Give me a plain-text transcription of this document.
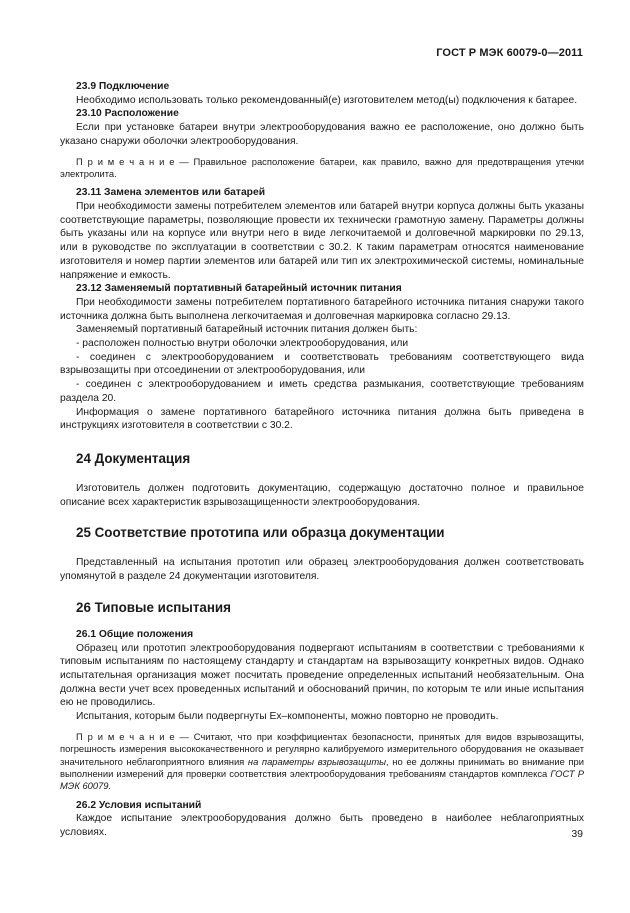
ГОСТ Р МЭК 60079-0—2011

23.9 Подключение

Необходимо использовать только рекомендованный(е) изготовителем метод(ы) подключения к батарее.

23.10 Расположение

Если при установке батареи внутри электрооборудования важно ее расположение, оно должно быть указано снаружи оболочки электрооборудования.

П р и м е ч а н и е — Правильное расположение батареи, как правило, важно для предотвращения утечки электролита.

23.11 Замена элементов или батарей

При необходимости замены потребителем элементов или батарей внутри корпуса должны быть указаны соответствующие параметры, позволяющие провести их технически грамотную замену. Параметры должны быть указаны или на корпусе или внутри него в виде легкочитаемой и долговечной маркировки по 29.13, или в руководстве по эксплуатации в соответствии с 30.2. К таким параметрам относятся наименование изготовителя и номер партии элементов или батарей или тип их электрохимической системы, номинальные напряжение и емкость.

23.12 Заменяемый портативный батарейный источник питания

При необходимости замены потребителем портативного батарейного источника питания снаружи такого источника должна быть выполнена легкочитаемая и долговечная маркировка согласно 29.13.

Заменяемый портативный батарейный источник питания должен быть:

- расположен полностью внутри оболочки электрооборудования, или

- соединен с электрооборудованием и соответствовать требованиям соответствующего вида взрывозащиты при отсоединении от электрооборудования, или

- соединен с электрооборудованием и иметь средства размыкания, соответствующие требованиям раздела 20.

Информация о замене портативного батарейного источника питания должна быть приведена в инструкциях изготовителя в соответствии с 30.2.

24 Документация

Изготовитель должен подготовить документацию, содержащую достаточно полное и правильное описание всех характеристик взрывозащищенности электрооборудования.

25 Соответствие прототипа или образца документации

Представленный на испытания прототип или образец электрооборудования должен соответствовать упомянутой в разделе 24 документации изготовителя.

26 Типовые испытания

26.1 Общие положения

Образец или прототип электрооборудования подвергают испытаниям в соответствии с требованиями к типовым испытаниям по настоящему стандарту и стандартам на взрывозащиту конкретных видов. Однако испытательная организация может посчитать проведение определенных испытаний необязательным. Она должна вести учет всех проведенных испытаний и обоснований причин, по которым те или иные испытания ею не проводились.

Испытания, которым были подвергнуты Ex–компоненты, можно повторно не проводить.

П р и м е ч а н и е — Считают, что при коэффициентах безопасности, принятых для видов взрывозащиты, погрешность измерения высококачественного и регулярно калибруемого измерительного оборудования не оказывает значительного неблагоприятного влияния на параметры взрывозащиты, но ее должны принимать во внимание при выполнении измерений для проверки соответствия электрооборудования требованиям стандартов комплекса ГОСТ Р МЭК 60079.

26.2 Условия испытаний

Каждое испытание электрооборудования должно быть проведено в наиболее неблагоприятных условиях.	39
